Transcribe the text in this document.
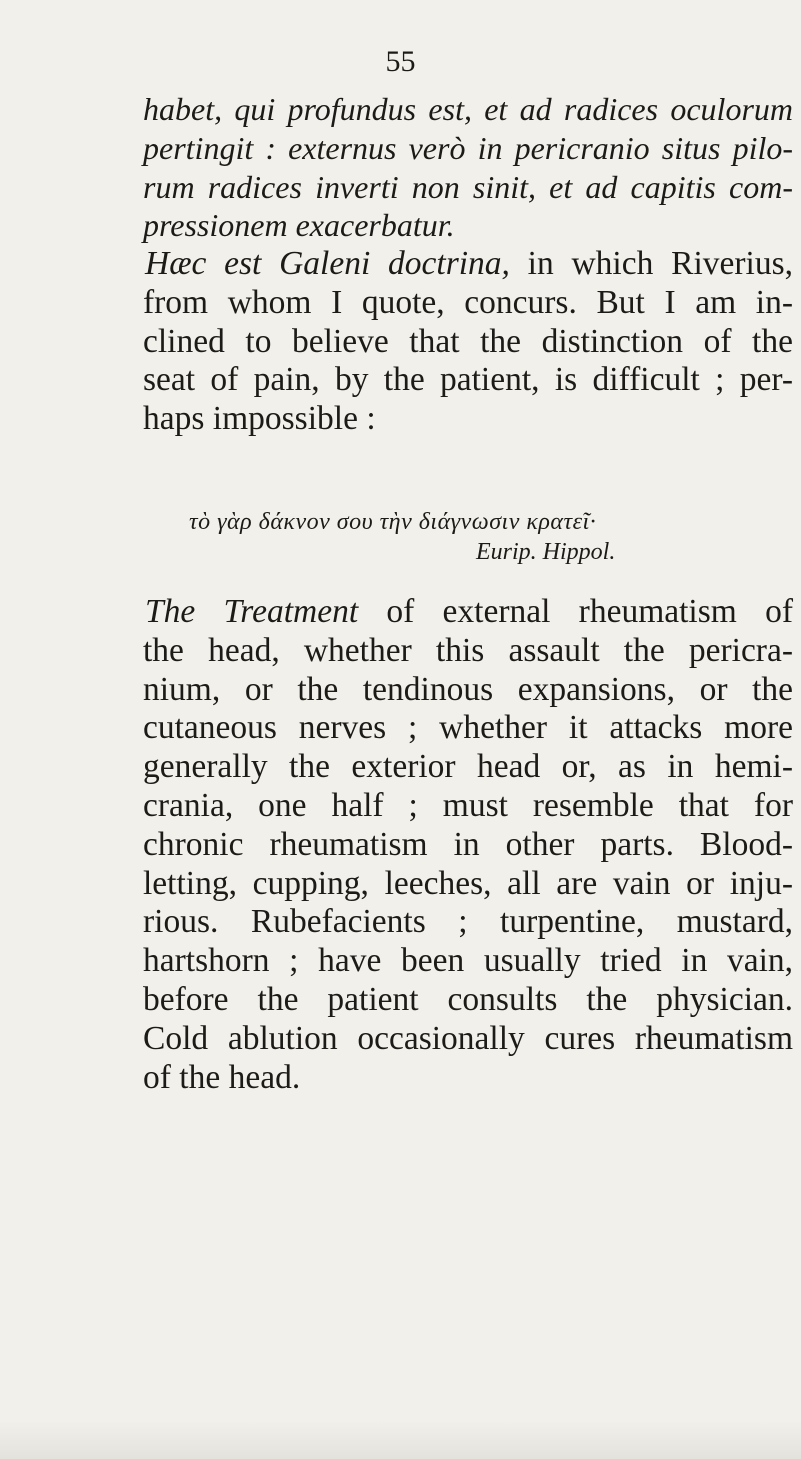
55
habet, qui profundus est, et ad radices oculorum
pertingit : externus verò in pericranio situs pilo-
rum radices inverti non sinit, et ad capitis com-
pressionem exacerbatur.
Hæc est Galeni doctrina, in which Riverius,
from whom I quote, concurs. But I am in-
clined to believe that the distinction of the
seat of pain, by the patient, is difficult ; per-
haps impossible :
τὸ γὰρ δάκνον σου τὴν διάγνωσιν κρατεῖ·
Eurip. Hippol.
The Treatment of external rheumatism of
the head, whether this assault the pericra-
nium, or the tendinous expansions, or the
cutaneous nerves ; whether it attacks more
generally the exterior head or, as in hemi-
crania, one half ; must resemble that for
chronic rheumatism in other parts. Blood-
letting, cupping, leeches, all are vain or inju-
rious. Rubefacients ; turpentine, mustard,
hartshorn ; have been usually tried in vain,
before the patient consults the physician.
Cold ablution occasionally cures rheumatism
of the head.
